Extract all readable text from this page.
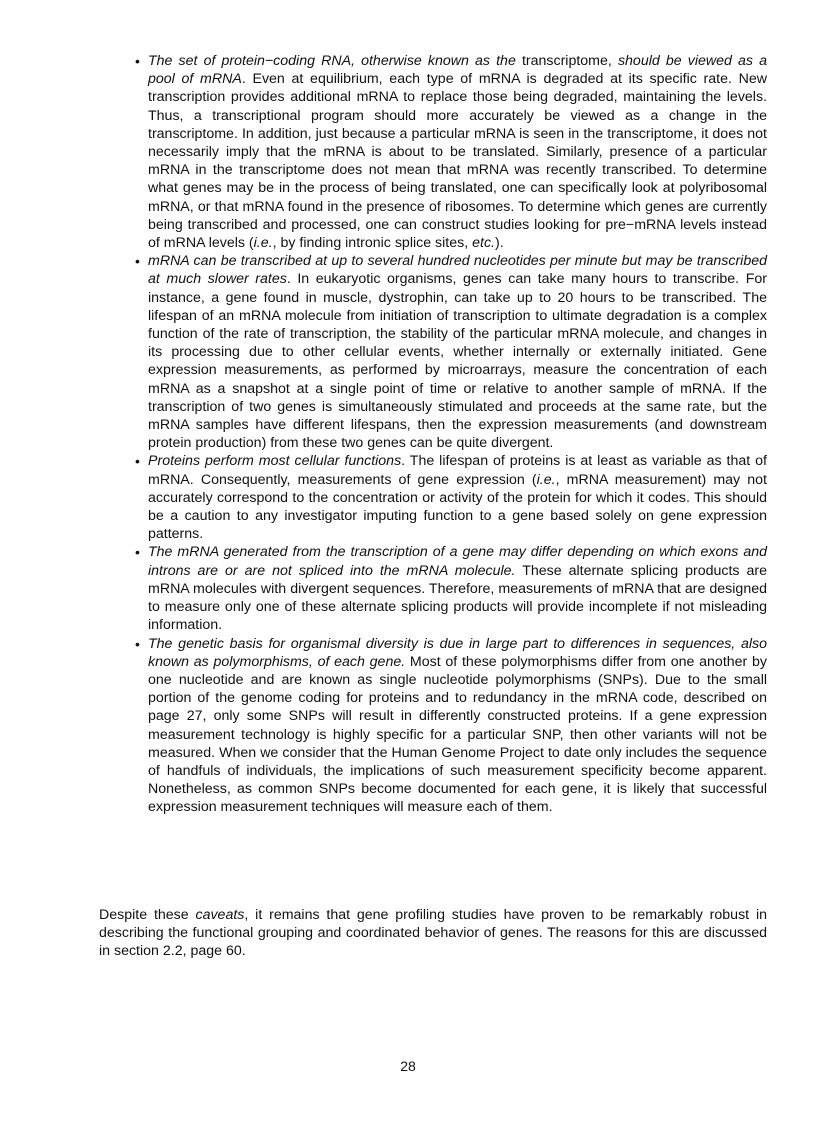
• The set of protein−coding RNA, otherwise known as the transcriptome, should be viewed as a pool of mRNA. Even at equilibrium, each type of mRNA is degraded at its specific rate. New transcription provides additional mRNA to replace those being degraded, maintaining the levels. Thus, a transcriptional program should more accurately be viewed as a change in the transcriptome. In addition, just because a particular mRNA is seen in the transcriptome, it does not necessarily imply that the mRNA is about to be translated. Similarly, presence of a particular mRNA in the transcriptome does not mean that mRNA was recently transcribed. To determine what genes may be in the process of being translated, one can specifically look at polyribosomal mRNA, or that mRNA found in the presence of ribosomes. To determine which genes are currently being transcribed and processed, one can construct studies looking for pre−mRNA levels instead of mRNA levels (i.e., by finding intronic splice sites, etc.).
• mRNA can be transcribed at up to several hundred nucleotides per minute but may be transcribed at much slower rates. In eukaryotic organisms, genes can take many hours to transcribe. For instance, a gene found in muscle, dystrophin, can take up to 20 hours to be transcribed. The lifespan of an mRNA molecule from initiation of transcription to ultimate degradation is a complex function of the rate of transcription, the stability of the particular mRNA molecule, and changes in its processing due to other cellular events, whether internally or externally initiated. Gene expression measurements, as performed by microarrays, measure the concentration of each mRNA as a snapshot at a single point of time or relative to another sample of mRNA. If the transcription of two genes is simultaneously stimulated and proceeds at the same rate, but the mRNA samples have different lifespans, then the expression measurements (and downstream protein production) from these two genes can be quite divergent.
• Proteins perform most cellular functions. The lifespan of proteins is at least as variable as that of mRNA. Consequently, measurements of gene expression (i.e., mRNA measurement) may not accurately correspond to the concentration or activity of the protein for which it codes. This should be a caution to any investigator imputing function to a gene based solely on gene expression patterns.
• The mRNA generated from the transcription of a gene may differ depending on which exons and introns are or are not spliced into the mRNA molecule. These alternate splicing products are mRNA molecules with divergent sequences. Therefore, measurements of mRNA that are designed to measure only one of these alternate splicing products will provide incomplete if not misleading information.
• The genetic basis for organismal diversity is due in large part to differences in sequences, also known as polymorphisms, of each gene. Most of these polymorphisms differ from one another by one nucleotide and are known as single nucleotide polymorphisms (SNPs). Due to the small portion of the genome coding for proteins and to redundancy in the mRNA code, described on page 27, only some SNPs will result in differently constructed proteins. If a gene expression measurement technology is highly specific for a particular SNP, then other variants will not be measured. When we consider that the Human Genome Project to date only includes the sequence of handfuls of individuals, the implications of such measurement specificity become apparent. Nonetheless, as common SNPs become documented for each gene, it is likely that successful expression measurement techniques will measure each of them.

Despite these caveats, it remains that gene profiling studies have proven to be remarkably robust in describing the functional grouping and coordinated behavior of genes. The reasons for this are discussed in section 2.2, page 60.

28
